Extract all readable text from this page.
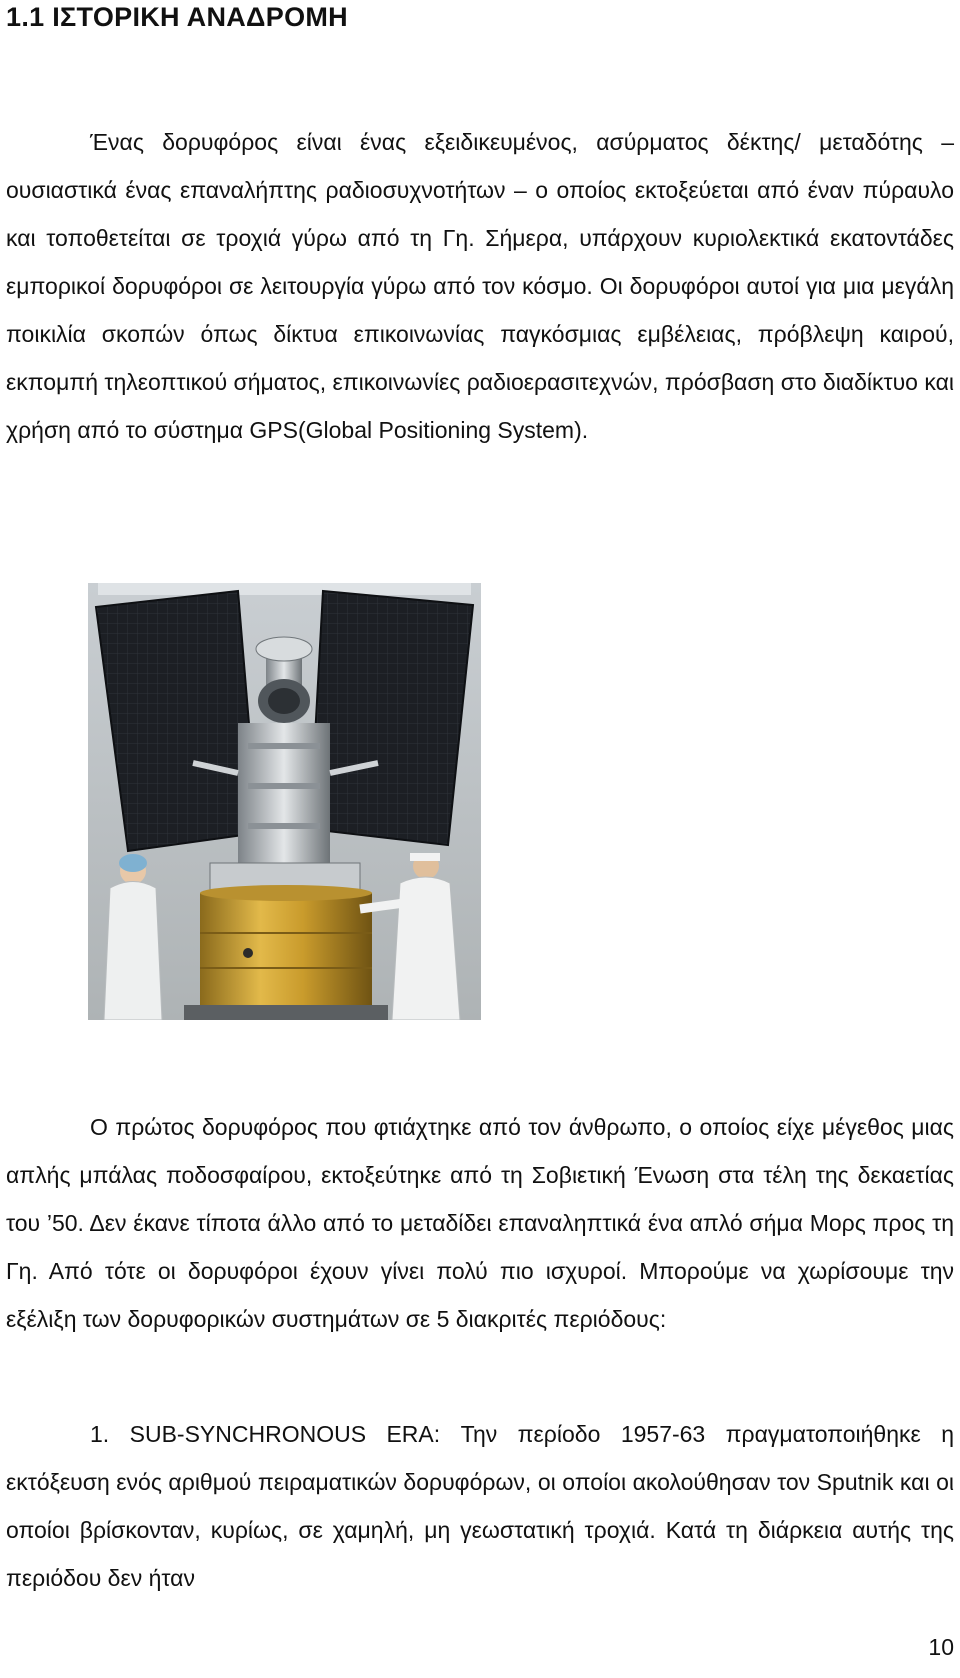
1.1 ΙΣΤΟΡΙΚΗ ΑΝΑΔΡΟΜΗ

Ένας δορυφόρος είναι ένας εξειδικευμένος, ασύρματος δέκτης/ μεταδότης – ουσιαστικά ένας επαναλήπτης ραδιοσυχνοτήτων – ο οποίος εκτοξεύεται από έναν πύραυλο και τοποθετείται σε τροχιά γύρω από τη Γη. Σήμερα, υπάρχουν κυριολεκτικά εκατοντάδες εμπορικοί δορυφόροι σε λειτουργία γύρω από τον κόσμο. Οι δορυφόροι αυτοί για μια μεγάλη ποικιλία σκοπών όπως δίκτυα επικοινωνίας παγκόσμιας εμβέλειας, πρόβλεψη καιρού, εκπομπή τηλεοπτικού σήματος, επικοινωνίες ραδιοερασιτεχνών, πρόσβαση στο διαδίκτυο και χρήση από το σύστημα GPS(Global Positioning System).

Ο πρώτος δορυφόρος που φτιάχτηκε από τον άνθρωπο, ο οποίος είχε μέγεθος μιας απλής μπάλας ποδοσφαίρου, εκτοξεύτηκε από τη Σοβιετική Ένωση στα τέλη της δεκαετίας του ’50. Δεν έκανε τίποτα άλλο από το μεταδίδει επαναληπτικά ένα απλό σήμα Μορς προς τη Γη. Από τότε οι δορυφόροι έχουν γίνει πολύ πιο ισχυροί. Μπορούμε να χωρίσουμε την εξέλιξη των δορυφορικών συστημάτων σε 5 διακριτές περιόδους:

1. SUB-SYNCHRONOUS ERA: Την περίοδο 1957-63 πραγματοποιήθηκε η εκτόξευση ενός αριθμού πειραματικών δορυφόρων, οι οποίοι ακολούθησαν τον Sputnik και οι οποίοι βρίσκονταν, κυρίως, σε χαμηλή, μη γεωστατική τροχιά. Κατά τη διάρκεια αυτής της περιόδου δεν ήταν

10
